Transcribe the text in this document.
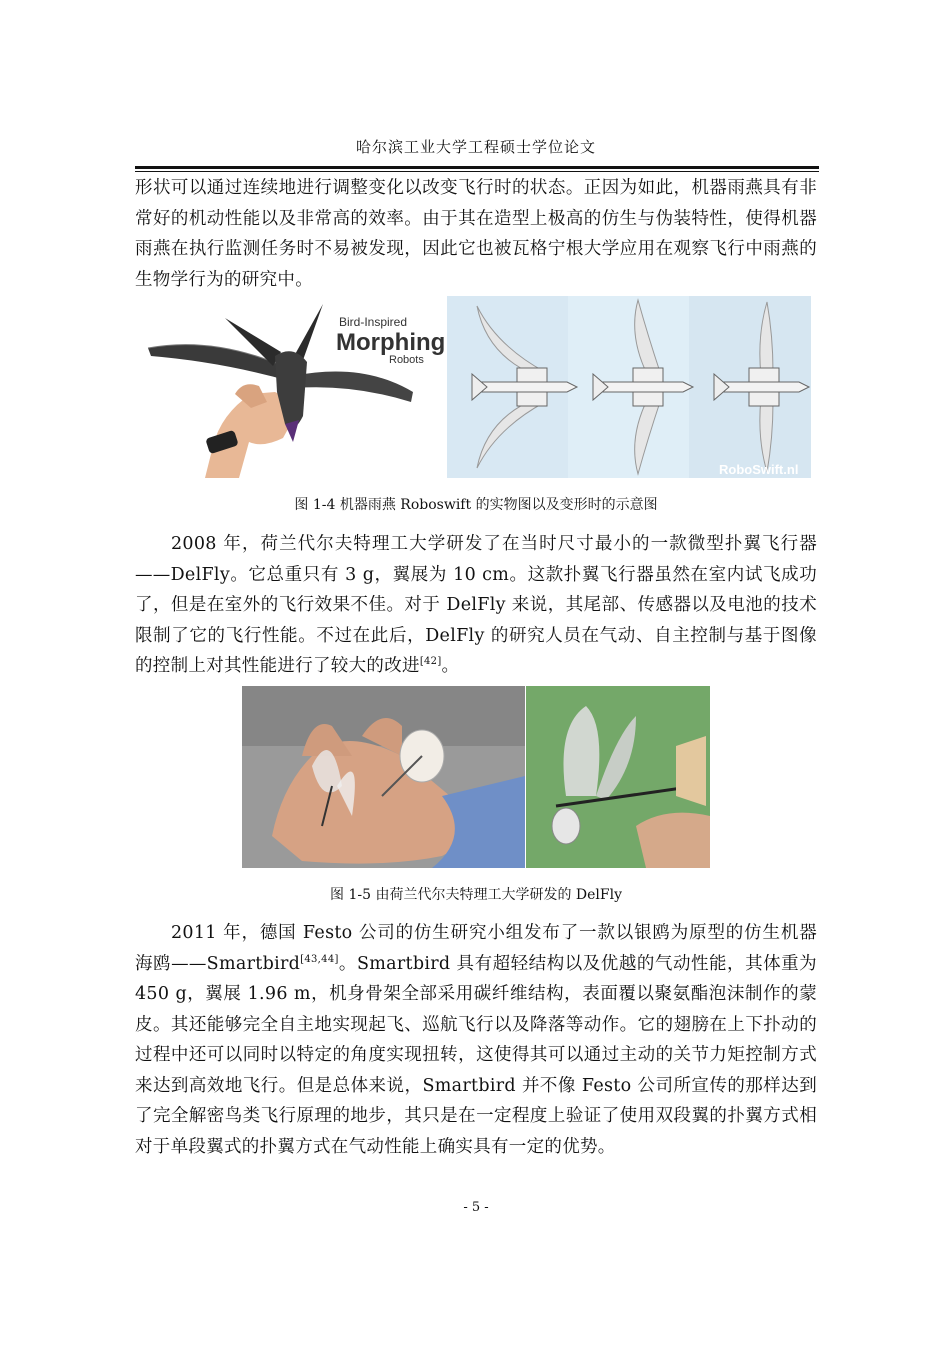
哈尔滨工业大学工程硕士学位论文

形状可以通过连续地进行调整变化以改变飞行时的状态。正因为如此，机器雨燕具有非常好的机动性能以及非常高的效率。由于其在造型上极高的仿生与伪装特性，使得机器雨燕在执行监测任务时不易被发现，因此它也被瓦格宁根大学应用在观察飞行中雨燕的生物学行为的研究中。

Bird-Inspired
Morphing
Robots
RoboSwift.nl
图 1-4 机器雨燕 Roboswift 的实物图以及变形时的示意图

2008 年，荷兰代尔夫特理工大学研发了在当时尺寸最小的一款微型扑翼飞行器——DelFly。它总重只有 3 g，翼展为 10 cm。这款扑翼飞行器虽然在室内试飞成功了，但是在室外的飞行效果不佳。对于 DelFly 来说，其尾部、传感器以及电池的技术限制了它的飞行性能。不过在此后，DelFly 的研究人员在气动、自主控制与基于图像的控制上对其性能进行了较大的改进[42]。

图 1-5 由荷兰代尔夫特理工大学研发的 DelFly

2011 年，德国 Festo 公司的仿生研究小组发布了一款以银鸥为原型的仿生机器海鸥——Smartbird[43,44]。Smartbird 具有超轻结构以及优越的气动性能，其体重为 450 g，翼展 1.96 m，机身骨架全部采用碳纤维结构，表面覆以聚氨酯泡沫制作的蒙皮。其还能够完全自主地实现起飞、巡航飞行以及降落等动作。它的翅膀在上下扑动的过程中还可以同时以特定的角度实现扭转，这使得其可以通过主动的关节力矩控制方式来达到高效地飞行。但是总体来说，Smartbird 并不像 Festo 公司所宣传的那样达到了完全解密鸟类飞行原理的地步，其只是在一定程度上验证了使用双段翼的扑翼方式相对于单段翼式的扑翼方式在气动性能上确实具有一定的优势。

- 5 -
